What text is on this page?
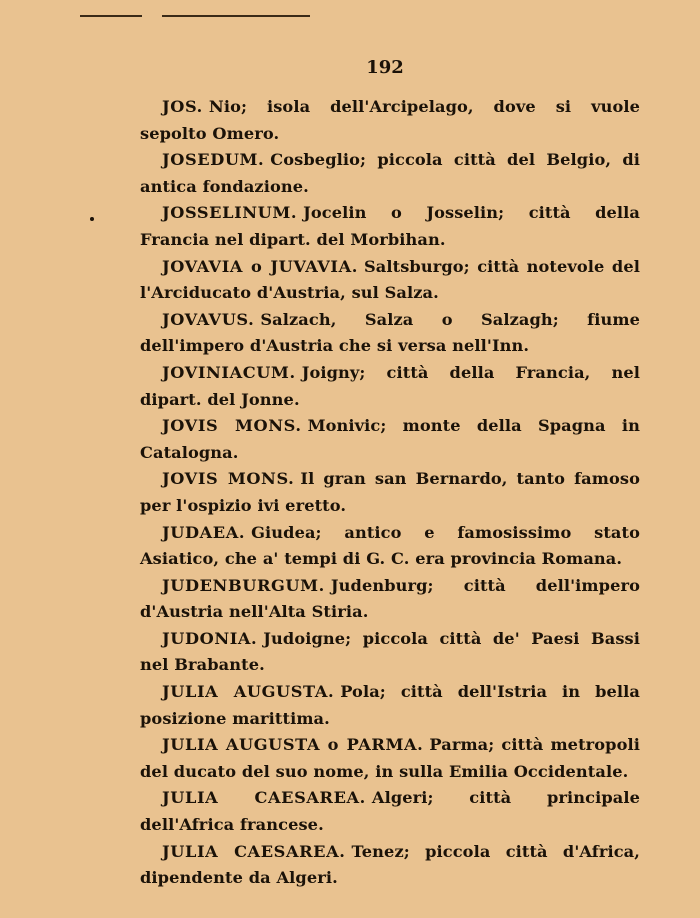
192

JOS. Nio; isola dell'Arcipelago, dove si vuole sepolto Omero.

JOSEDUM. Cosbeglio; piccola città del Belgio, di antica fondazione.

JOSSELINUM. Jocelin o Josselin; città della Francia nel dipart. del Morbihan.

JOVAVIA o JUVAVIA. Saltsburgo; città notevole del l'Arciducato d'Austria, sul Salza.

JOVAVUS. Salzach, Salza o Salzagh; fiume dell'impero d'Austria che si versa nell'Inn.

JOVINIACUM. Joigny; città della Francia, nel dipart. del Jonne.

JOVIS MONS. Monivic; monte della Spagna in Catalogna.

JOVIS MONS. Il gran san Bernardo, tanto famoso per l'ospizio ivi eretto.

JUDAEA. Giudea; antico e famosissimo stato Asiatico, che a' tempi di G. C. era provincia Romana.

JUDENBURGUM. Judenburg; città dell'impero d'Austria nell'Alta Stiria.

JUDONIA. Judoigne; piccola città de' Paesi Bassi nel Brabante.

JULIA AUGUSTA. Pola; città dell'Istria in bella posizione marittima.

JULIA AUGUSTA o PARMA. Parma; città metropoli del ducato del suo nome, in sulla Emilia Occidentale.

JULIA CAESAREA. Algeri; città principale dell'Africa francese.

JULIA CAESAREA. Tenez; piccola città d'Africa, dipendente da Algeri.
